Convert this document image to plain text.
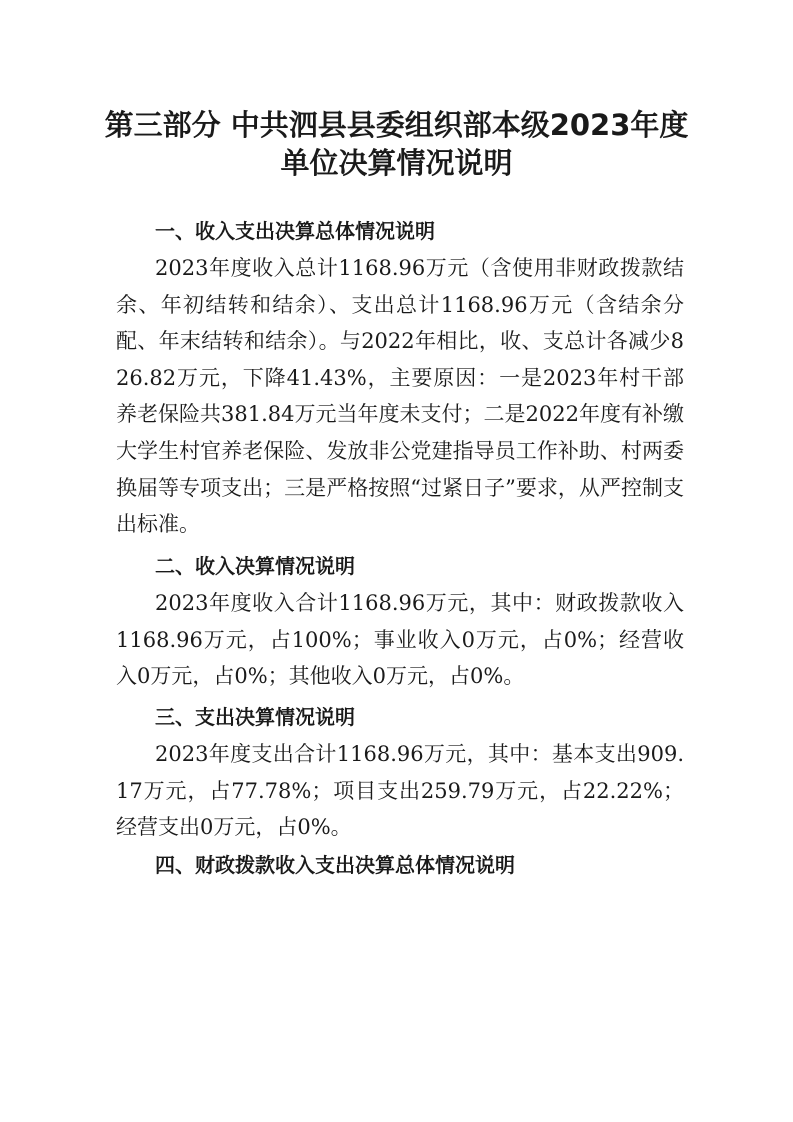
第三部分 中共泗县县委组织部本级2023年度
单位决算情况说明
一、收入支出决算总体情况说明
2023年度收入总计1168.96万元（含使用非财政拨款结余、年初结转和结余）、支出总计1168.96万元（含结余分配、年末结转和结余）。与2022年相比，收、支总计各减少826.82万元，下降41.43%，主要原因：一是2023年村干部养老保险共381.84万元当年度未支付；二是2022年度有补缴大学生村官养老保险、发放非公党建指导员工作补助、村两委换届等专项支出；三是严格按照“过紧日子”要求，从严控制支出标准。
二、收入决算情况说明
2023年度收入合计1168.96万元，其中：财政拨款收入1168.96万元，占100%；事业收入0万元，占0%；经营收入0万元，占0%；其他收入0万元，占0%。
三、支出决算情况说明
2023年度支出合计1168.96万元，其中：基本支出909.17万元，占77.78%；项目支出259.79万元，占22.22%；经营支出0万元，占0%。
四、财政拨款收入支出决算总体情况说明
